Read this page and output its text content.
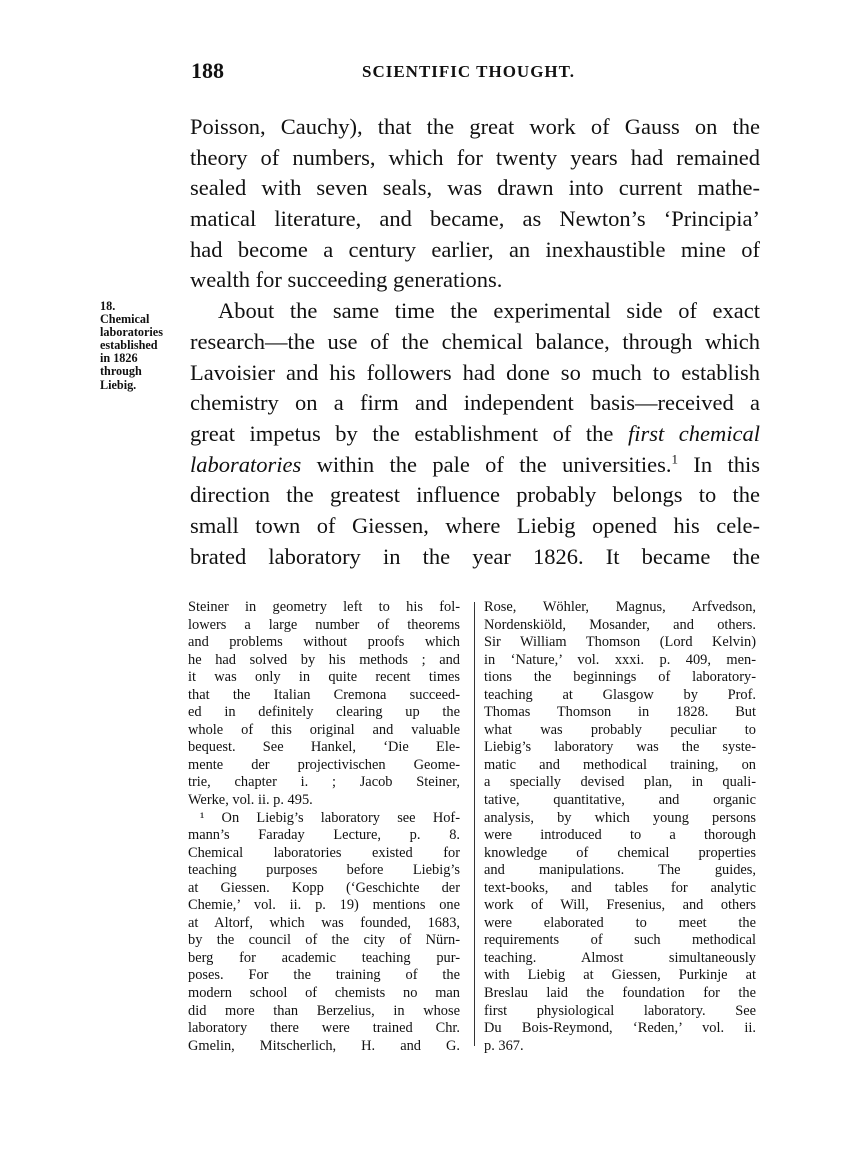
188	SCIENTIFIC THOUGHT.
18.
Chemical
laboratories
established
in 1826
through
Liebig.
Poisson, Cauchy), that the great work of Gauss on the
theory of numbers, which for twenty years had remained
sealed with seven seals, was drawn into current mathe-
matical literature, and became, as Newton’s ‘Principia’
had become a century earlier, an inexhaustible mine of
wealth for succeeding generations.
About the same time the experimental side of exact
research—the use of the chemical balance, through which
Lavoisier and his followers had done so much to establish
chemistry on a firm and independent basis—received a
great impetus by the establishment of the first chemical
laboratories within the pale of the universities.$^1$ In this
direction the greatest influence probably belongs to the
small town of Giessen, where Liebig opened his cele-
brated laboratory in the year 1826. It became the
Steiner in geometry left to his fol-
lowers a large number of theorems
and problems without proofs which
he had solved by his methods ; and
it was only in quite recent times
that the Italian Cremona succeed-
ed in definitely clearing up the
whole of this original and valuable
bequest. See Hankel, ‘Die Ele-
mente der projectivischen Geome-
trie, chapter i. ; Jacob Steiner,
Werke, vol. ii. p. 495.
¹ On Liebig’s laboratory see Hof-
mann’s Faraday Lecture, p. 8.
Chemical laboratories existed for
teaching purposes before Liebig’s
at Giessen. Kopp (‘Geschichte der
Chemie,’ vol. ii. p. 19) mentions one
at Altorf, which was founded, 1683,
by the council of the city of Nürn-
berg for academic teaching pur-
poses. For the training of the
modern school of chemists no man
did more than Berzelius, in whose
laboratory there were trained Chr.
Gmelin, Mitscherlich, H. and G.
Rose, Wöhler, Magnus, Arfvedson,
Nordenskiöld, Mosander, and others.
Sir William Thomson (Lord Kelvin)
in ‘Nature,’ vol. xxxi. p. 409, men-
tions the beginnings of laboratory-
teaching at Glasgow by Prof.
Thomas Thomson in 1828. But
what was probably peculiar to
Liebig’s laboratory was the syste-
matic and methodical training, on
a specially devised plan, in quali-
tative, quantitative, and organic
analysis, by which young persons
were introduced to a thorough
knowledge of chemical properties
and manipulations. The guides,
text-books, and tables for analytic
work of Will, Fresenius, and others
were elaborated to meet the
requirements of such methodical
teaching. Almost simultaneously
with Liebig at Giessen, Purkinje at
Breslau laid the foundation for the
first physiological laboratory. See
Du Bois-Reymond, ‘Reden,’ vol. ii.
p. 367.
